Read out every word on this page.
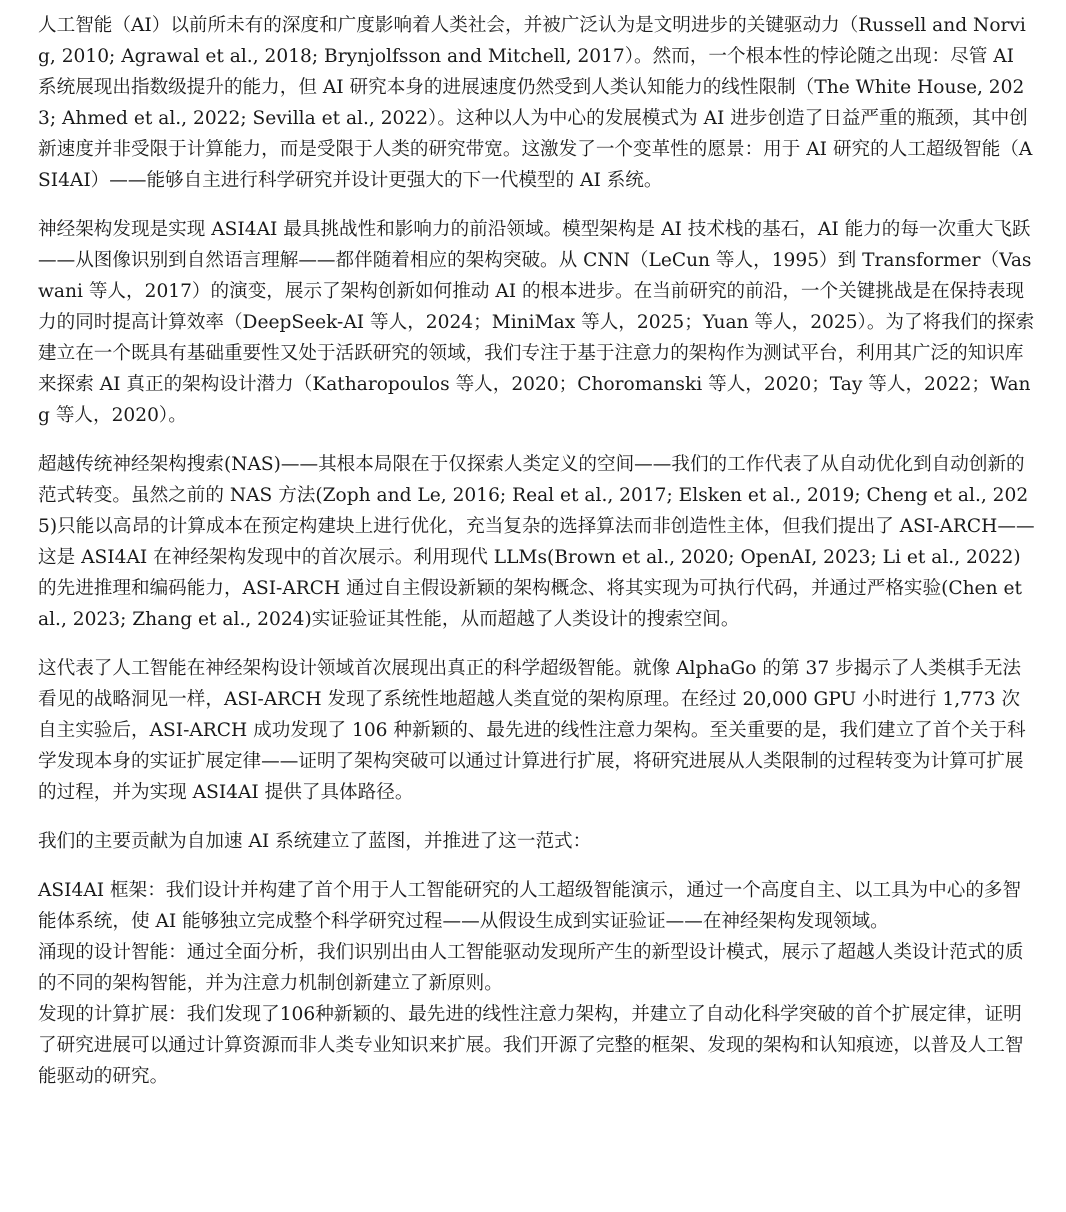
人工智能（AI）以前所未有的深度和广度影响着人类社会，并被广泛认为是文明进步的关键驱动力（Russell and Norvig, 2010; Agrawal et al., 2018; Brynjolfsson and Mitchell, 2017）。然而，一个根本性的悖论随之出现：尽管 AI 系统展现出指数级提升的能力，但 AI 研究本身的进展速度仍然受到人类认知能力的线性限制（The White House, 2023; Ahmed et al., 2022; Sevilla et al., 2022）。这种以人为中心的发展模式为 AI 进步创造了日益严重的瓶颈，其中创新速度并非受限于计算能力，而是受限于人类的研究带宽。这激发了一个变革性的愿景：用于 AI 研究的人工超级智能（ASI4AI）——能够自主进行科学研究并设计更强大的下一代模型的 AI 系统。

神经架构发现是实现 ASI4AI 最具挑战性和影响力的前沿领域。模型架构是 AI 技术栈的基石，AI 能力的每一次重大飞跃——从图像识别到自然语言理解——都伴随着相应的架构突破。从 CNN（LeCun 等人，1995）到 Transformer（Vaswani 等人，2017）的演变，展示了架构创新如何推动 AI 的根本进步。在当前研究的前沿，一个关键挑战是在保持表现力的同时提高计算效率（DeepSeek-AI 等人，2024；MiniMax 等人，2025；Yuan 等人，2025）。为了将我们的探索建立在一个既具有基础重要性又处于活跃研究的领域，我们专注于基于注意力的架构作为测试平台，利用其广泛的知识库来探索 AI 真正的架构设计潜力（Katharopoulos 等人，2020；Choromanski 等人，2020；Tay 等人，2022；Wang 等人，2020）。

超越传统神经架构搜索(NAS)——其根本局限在于仅探索人类定义的空间——我们的工作代表了从自动优化到自动创新的范式转变。虽然之前的 NAS 方法(Zoph and Le, 2016; Real et al., 2017; Elsken et al., 2019; Cheng et al., 2025)只能以高昂的计算成本在预定构建块上进行优化，充当复杂的选择算法而非创造性主体，但我们提出了 ASI-ARCH——这是 ASI4AI 在神经架构发现中的首次展示。利用现代 LLMs(Brown et al., 2020; OpenAI, 2023; Li et al., 2022)的先进推理和编码能力，ASI-ARCH 通过自主假设新颖的架构概念、将其实现为可执行代码，并通过严格实验(Chen et al., 2023; Zhang et al., 2024)实证验证其性能，从而超越了人类设计的搜索空间。

这代表了人工智能在神经架构设计领域首次展现出真正的科学超级智能。就像 AlphaGo 的第 37 步揭示了人类棋手无法看见的战略洞见一样，ASI-ARCH 发现了系统性地超越人类直觉的架构原理。在经过 20,000 GPU 小时进行 1,773 次自主实验后，ASI-ARCH 成功发现了 106 种新颖的、最先进的线性注意力架构。至关重要的是，我们建立了首个关于科学发现本身的实证扩展定律——证明了架构突破可以通过计算进行扩展，将研究进展从人类限制的过程转变为计算可扩展的过程，并为实现 ASI4AI 提供了具体路径。

我们的主要贡献为自加速 AI 系统建立了蓝图，并推进了这一范式：

ASI4AI 框架：我们设计并构建了首个用于人工智能研究的人工超级智能演示，通过一个高度自主、以工具为中心的多智能体系统，使 AI 能够独立完成整个科学研究过程——从假设生成到实证验证——在神经架构发现领域。

涌现的设计智能：通过全面分析，我们识别出由人工智能驱动发现所产生的新型设计模式，展示了超越人类设计范式的质的不同的架构智能，并为注意力机制创新建立了新原则。

发现的计算扩展：我们发现了106种新颖的、最先进的线性注意力架构，并建立了自动化科学突破的首个扩展定律，证明了研究进展可以通过计算资源而非人类专业知识来扩展。我们开源了完整的框架、发现的架构和认知痕迹，以普及人工智能驱动的研究。
